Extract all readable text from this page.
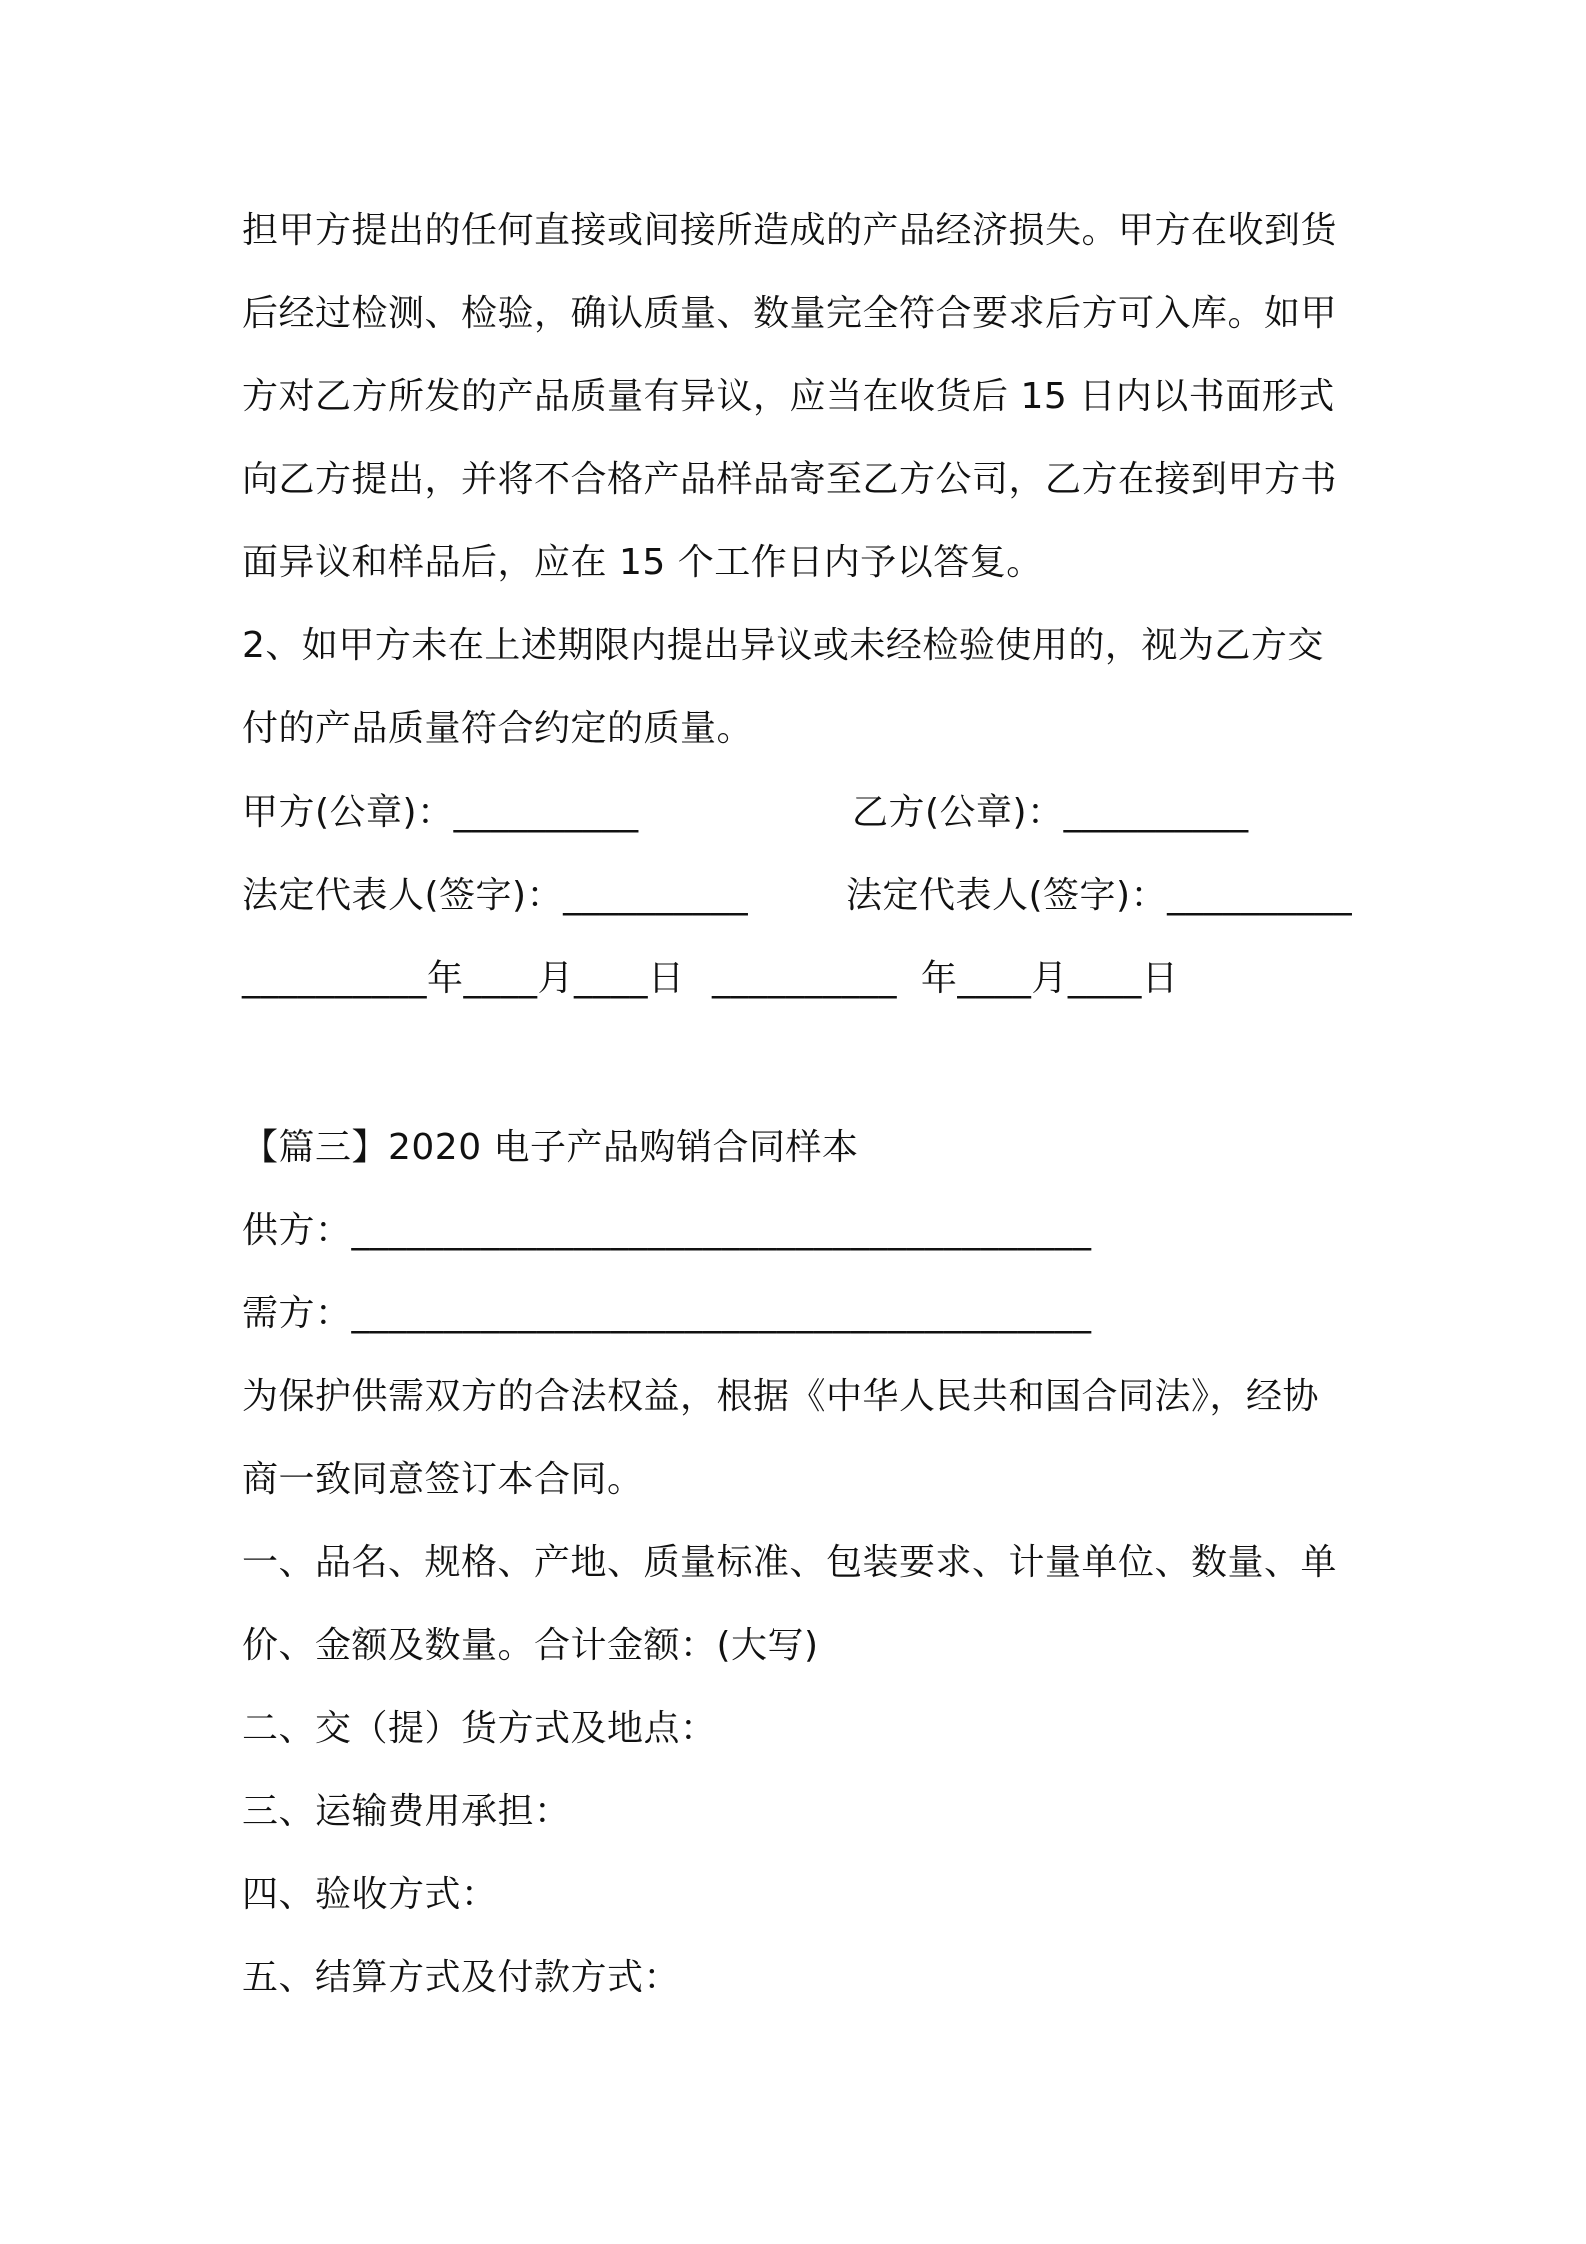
担甲方提出的任何直接或间接所造成的产品经济损失。甲方在收到货
后经过检测、检验，确认质量、数量完全符合要求后方可入库。如甲
方对乙方所发的产品质量有异议，应当在收货后 15 日内以书面形式
向乙方提出，并将不合格产品样品寄至乙方公司，乙方在接到甲方书
面异议和样品后，应在 15 个工作日内予以答复。
2、如甲方未在上述期限内提出异议或未经检验使用的，视为乙方交
付的产品质量符合约定的质量。
甲方(公章)：__________	乙方(公章)：__________
法定代表人(签字)：__________	法定代表人(签字)：__________
__________年____月____日 __________  年____月____日
【篇三】2020 电子产品购销合同样本
供方：________________________________________
需方：________________________________________
为保护供需双方的合法权益，根据《中华人民共和国合同法》，经协
商一致同意签订本合同。
一、品名、规格、产地、质量标准、包装要求、计量单位、数量、单
价、金额及数量。合计金额：(大写)
二、交（提）货方式及地点：
三、运输费用承担：
四、验收方式：
五、结算方式及付款方式：
